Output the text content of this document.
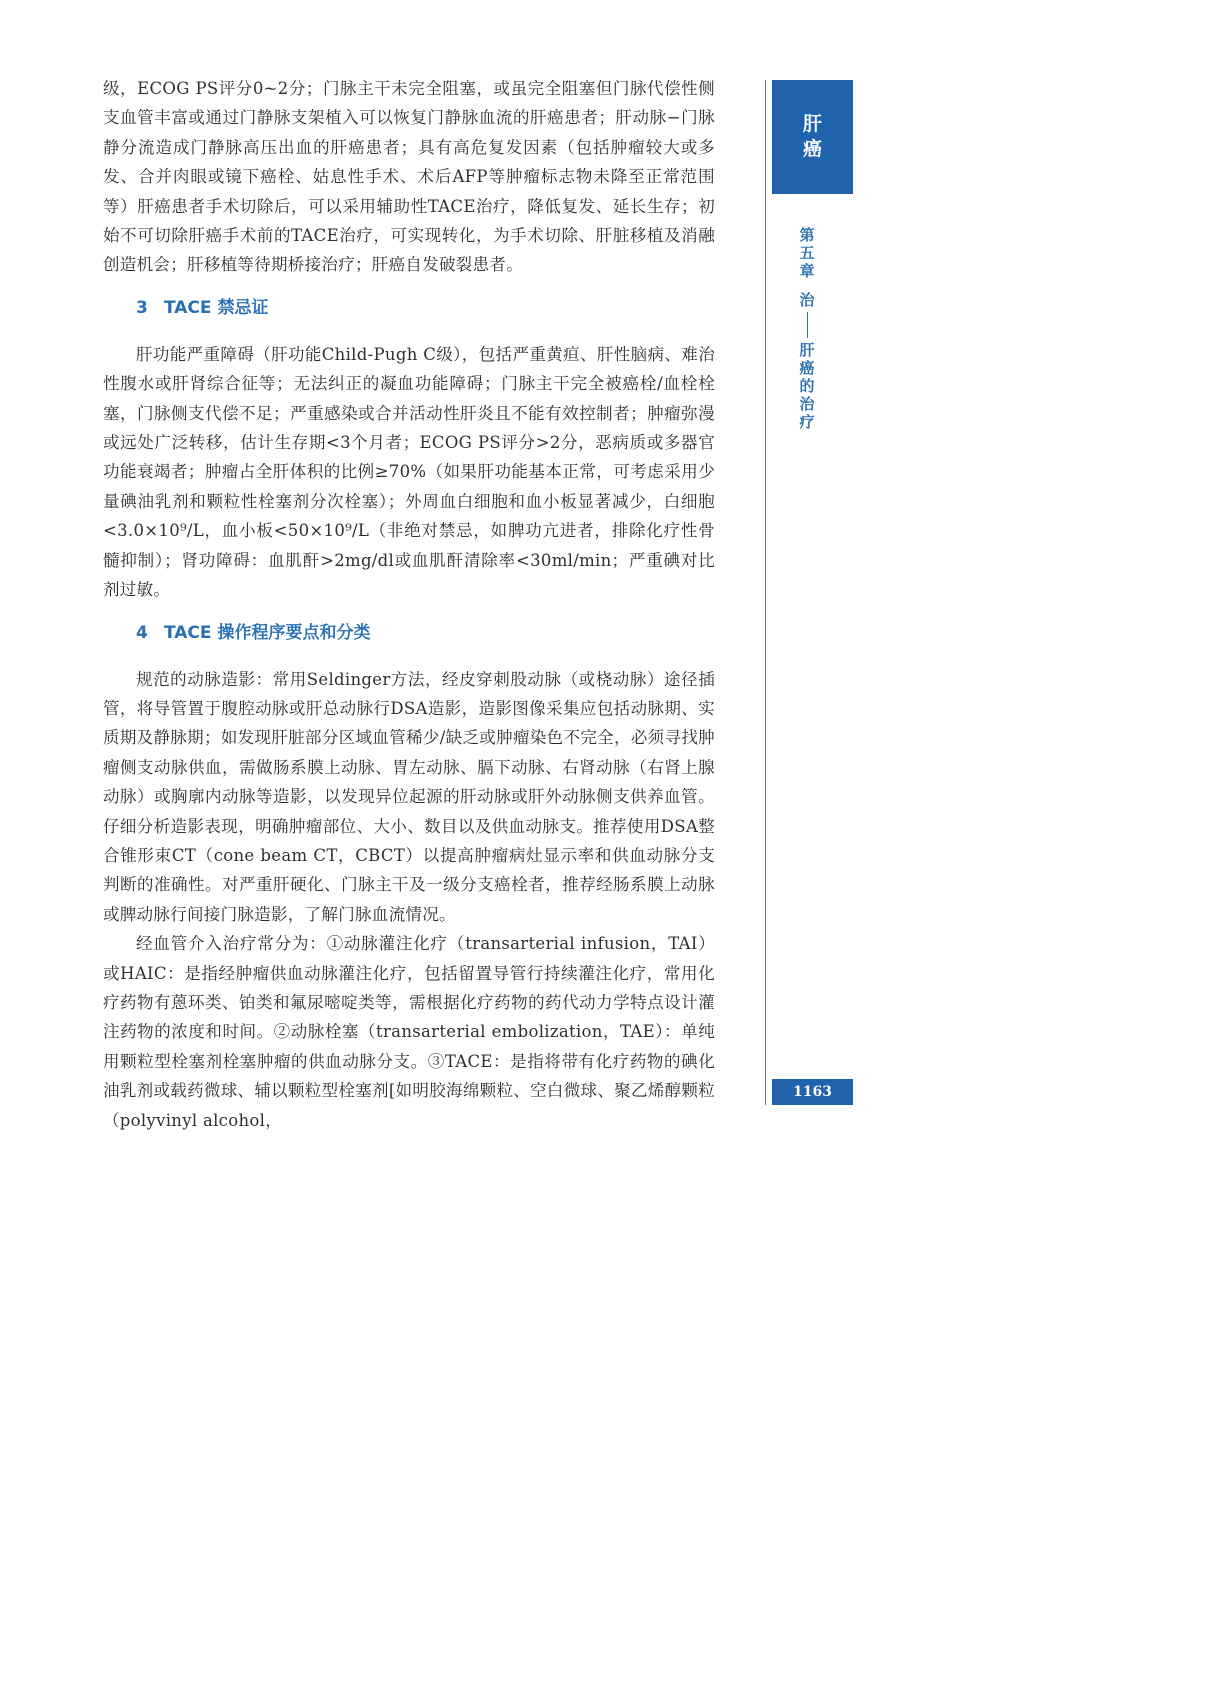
级，ECOG PS评分0~2分；门脉主干未完全阻塞，或虽完全阻塞但门脉代偿性侧支血管丰富或通过门静脉支架植入可以恢复门静脉血流的肝癌患者；肝动脉−门脉静分流造成门静脉高压出血的肝癌患者；具有高危复发因素（包括肿瘤较大或多发、合并肉眼或镜下癌栓、姑息性手术、术后AFP等肿瘤标志物未降至正常范围等）肝癌患者手术切除后，可以采用辅助性TACE治疗，降低复发、延长生存；初始不可切除肝癌手术前的TACE治疗，可实现转化，为手术切除、肝脏移植及消融创造机会；肝移植等待期桥接治疗；肝癌自发破裂患者。

3 TACE 禁忌证

肝功能严重障碍（肝功能Child-Pugh C级），包括严重黄疸、肝性脑病、难治性腹水或肝肾综合征等；无法纠正的凝血功能障碍；门脉主干完全被癌栓/血栓栓塞，门脉侧支代偿不足；严重感染或合并活动性肝炎且不能有效控制者；肿瘤弥漫或远处广泛转移，估计生存期<3个月者；ECOG PS评分>2分，恶病质或多器官功能衰竭者；肿瘤占全肝体积的比例≥70%（如果肝功能基本正常，可考虑采用少量碘油乳剂和颗粒性栓塞剂分次栓塞）；外周血白细胞和血小板显著减少，白细胞<3.0×10⁹/L，血小板<50×10⁹/L（非绝对禁忌，如脾功亢进者，排除化疗性骨髓抑制）；肾功障碍：血肌酐>2mg/dl或血肌酐清除率<30ml/min；严重碘对比剂过敏。

4 TACE 操作程序要点和分类

规范的动脉造影：常用Seldinger方法，经皮穿刺股动脉（或桡动脉）途径插管，将导管置于腹腔动脉或肝总动脉行DSA造影，造影图像采集应包括动脉期、实质期及静脉期；如发现肝脏部分区域血管稀少/缺乏或肿瘤染色不完全，必须寻找肿瘤侧支动脉供血，需做肠系膜上动脉、胃左动脉、膈下动脉、右肾动脉（右肾上腺动脉）或胸廓内动脉等造影，以发现异位起源的肝动脉或肝外动脉侧支供养血管。仔细分析造影表现，明确肿瘤部位、大小、数目以及供血动脉支。推荐使用DSA整合锥形束CT（cone beam CT，CBCT）以提高肿瘤病灶显示率和供血动脉分支判断的准确性。对严重肝硬化、门脉主干及一级分支癌栓者，推荐经肠系膜上动脉或脾动脉行间接门脉造影，了解门脉血流情况。

经血管介入治疗常分为：①动脉灌注化疗（transarterial infusion，TAI）或HAIC：是指经肿瘤供血动脉灌注化疗，包括留置导管行持续灌注化疗，常用化疗药物有蒽环类、铂类和氟尿嘧啶类等，需根据化疗药物的药代动力学特点设计灌注药物的浓度和时间。②动脉栓塞（transarterial embolization，TAE）：单纯用颗粒型栓塞剂栓塞肿瘤的供血动脉分支。③TACE：是指将带有化疗药物的碘化油乳剂或载药微球、辅以颗粒型栓塞剂[如明胶海绵颗粒、空白微球、聚乙烯醇颗粒（polyvinyl alcohol，

肝
癌
第五章
治
肝癌的治疗
1163
